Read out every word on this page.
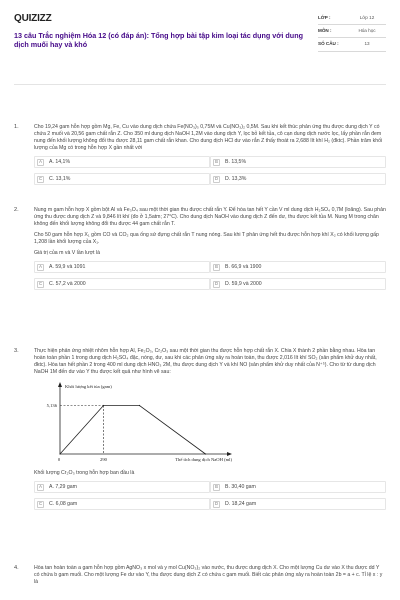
QUIZIZZ
13 câu Trắc nghiệm Hóa 12 (có đáp án): Tổng hợp bài tập kim loại tác dụng với dung dịch muối hay và khó
LỚP :	Lớp 12
MÔN :	Hóa học
SỐ CÂU :	13
1.	Cho 19,24 gam hỗn hợp gồm Mg, Fe, Cu vào dung dịch chứa Fe(NO₃)₃ 0,75M và Cu(NO₃)₂ 0,5M. Sau khi kết thúc phản ứng thu được dung dịch Y có chứa 2 muối và 20,56 gam chất rắn Z. Cho 350 ml dung dịch NaOH 1,2M vào dung dịch Y, lọc bỏ kết tủa, cô cạn dung dịch nước lọc, lấy phần rắn đem nung đến khối lượng không đổi thu được 28,11 gam chất rắn khan. Cho dung dịch HCl dư vào rắn Z thấy thoát ra 2,688 lít khí H₂ (đktc). Phần trăm khối lượng của Mg có trong hỗn hợp X gần nhất với
A	A. 14,1%	B	B. 13,5%
C	C. 13,1%	D	D. 13,3%
2.	Nung m gam hỗn hợp X gồm bột Al và Fe₃O₄ sau một thời gian thu được chất rắn Y. Để hòa tan hết Y cần V ml dung dịch H₂SO₄ 0,7M (loãng). Sau phản ứng thu được dung dịch Z và 9,846 lít khí (đo ở 1,5atm; 27°C). Cho dung dịch NaOH vào dung dịch Z đến dư, thu được kết tủa M. Nung M trong chân không đến khối lượng không đổi thu được 44 gam chất rắn T.
Cho 50 gam hỗn hợp X₁ gồm CO và CO₂ qua ống sứ đựng chất rắn T nung nóng. Sau khi T phản ứng hết thu được hỗn hợp khí X₂ có khối lượng gấp 1,208 lần khối lượng của X₁.
Giá trị của m và V lần lượt là
A	A. 59,9 và 1091	B	B. 66,9 và 1900
C	C. 57,2 và 2000	D	D. 59,9 và 2000
3.	Thực hiện phản ứng nhiệt nhôm hỗn hợp Al, Fe₂O₃, Cr₂O₃ sau một thời gian thu được hỗn hợp chất rắn X. Chia X thành 2 phần bằng nhau. Hòa tan hoàn toàn phần 1 trong dung dịch H₂SO₄ đặc, nóng, dư, sau khi các phản ứng xảy ra hoàn toàn, thu được 2,016 lít khí SO₂ (sản phẩm khử duy nhất, đktc). Hòa tan hết phần 2 trong 400 ml dung dịch HNO₃ 2M, thu được dung dịch Y và khí NO (sản phẩm khử duy nhất của N⁺⁵). Cho từ từ dung dịch NaOH 1M đến dư vào Y thu được kết quả như hình vẽ sau:
Khối lượng kết tủa (gam)
Thể tích dung dịch NaOH (ml)
5,136
0	290
Khối lượng Cr₂O₃ trong hỗn hợp ban đầu là
A	A. 7,29 gam	B	B. 30,40 gam
C	C. 6,08 gam	D	D. 18,24 gam
4.	Hòa tan hoàn toàn a gam hỗn hợp gồm AgNO₃ x mol và y mol Cu(NO₃)₂ vào nước, thu được dung dịch X. Cho một lượng Cu dư vào X thu được dd Y có chứa b gam muối. Cho một lượng Fe dư vào Y, thu được dung dịch Z có chứa c gam muối. Biết các phản ứng xảy ra hoàn toàn 2b = a + c. Tỉ lệ x : y là
